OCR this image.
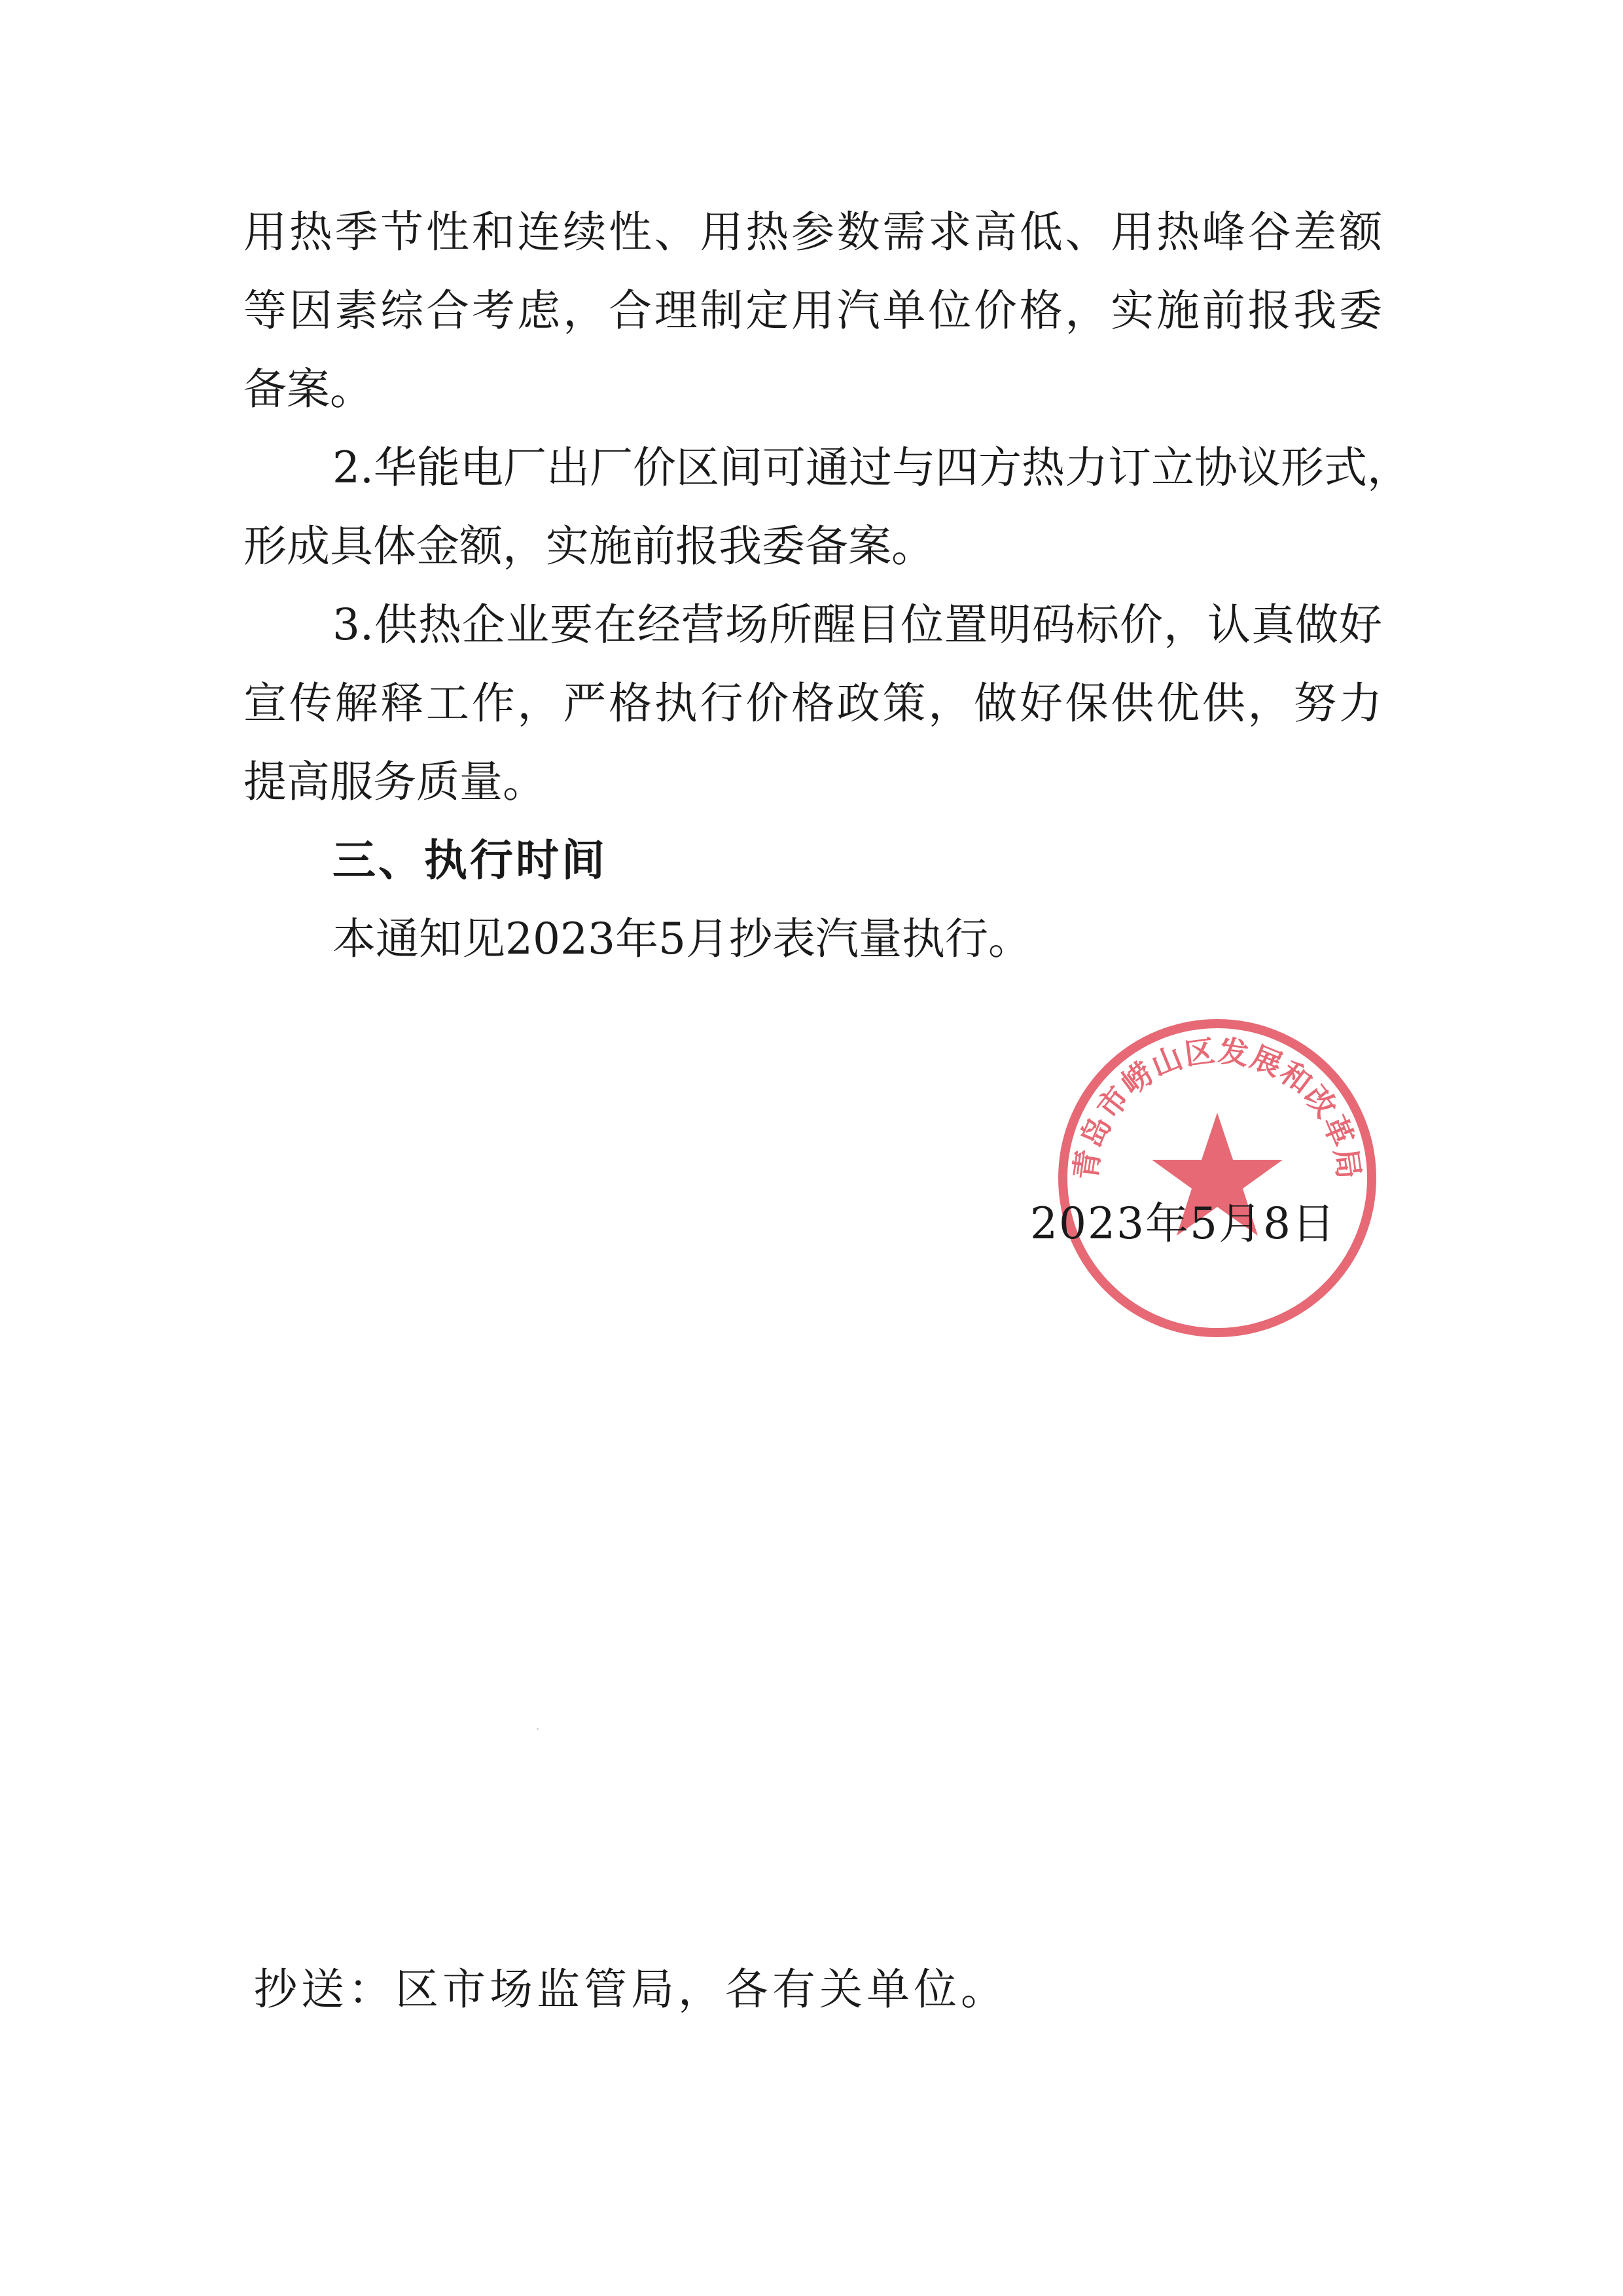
用热季节性和连续性、用热参数需求高低、用热峰谷差额
等因素综合考虑，合理制定用汽单位价格，实施前报我委
备案。
2.华能电厂出厂价区间可通过与四方热力订立协议形式，
形成具体金额，实施前报我委备案。
3.供热企业要在经营场所醒目位置明码标价，认真做好
宣传解释工作，严格执行价格政策，做好保供优供，努力
提高服务质量。
三、执行时间
本通知见2023年5月抄表汽量执行。
青岛市崂山区发展和改革局
2023年5月8日
抄送：区市场监管局，各有关单位。
